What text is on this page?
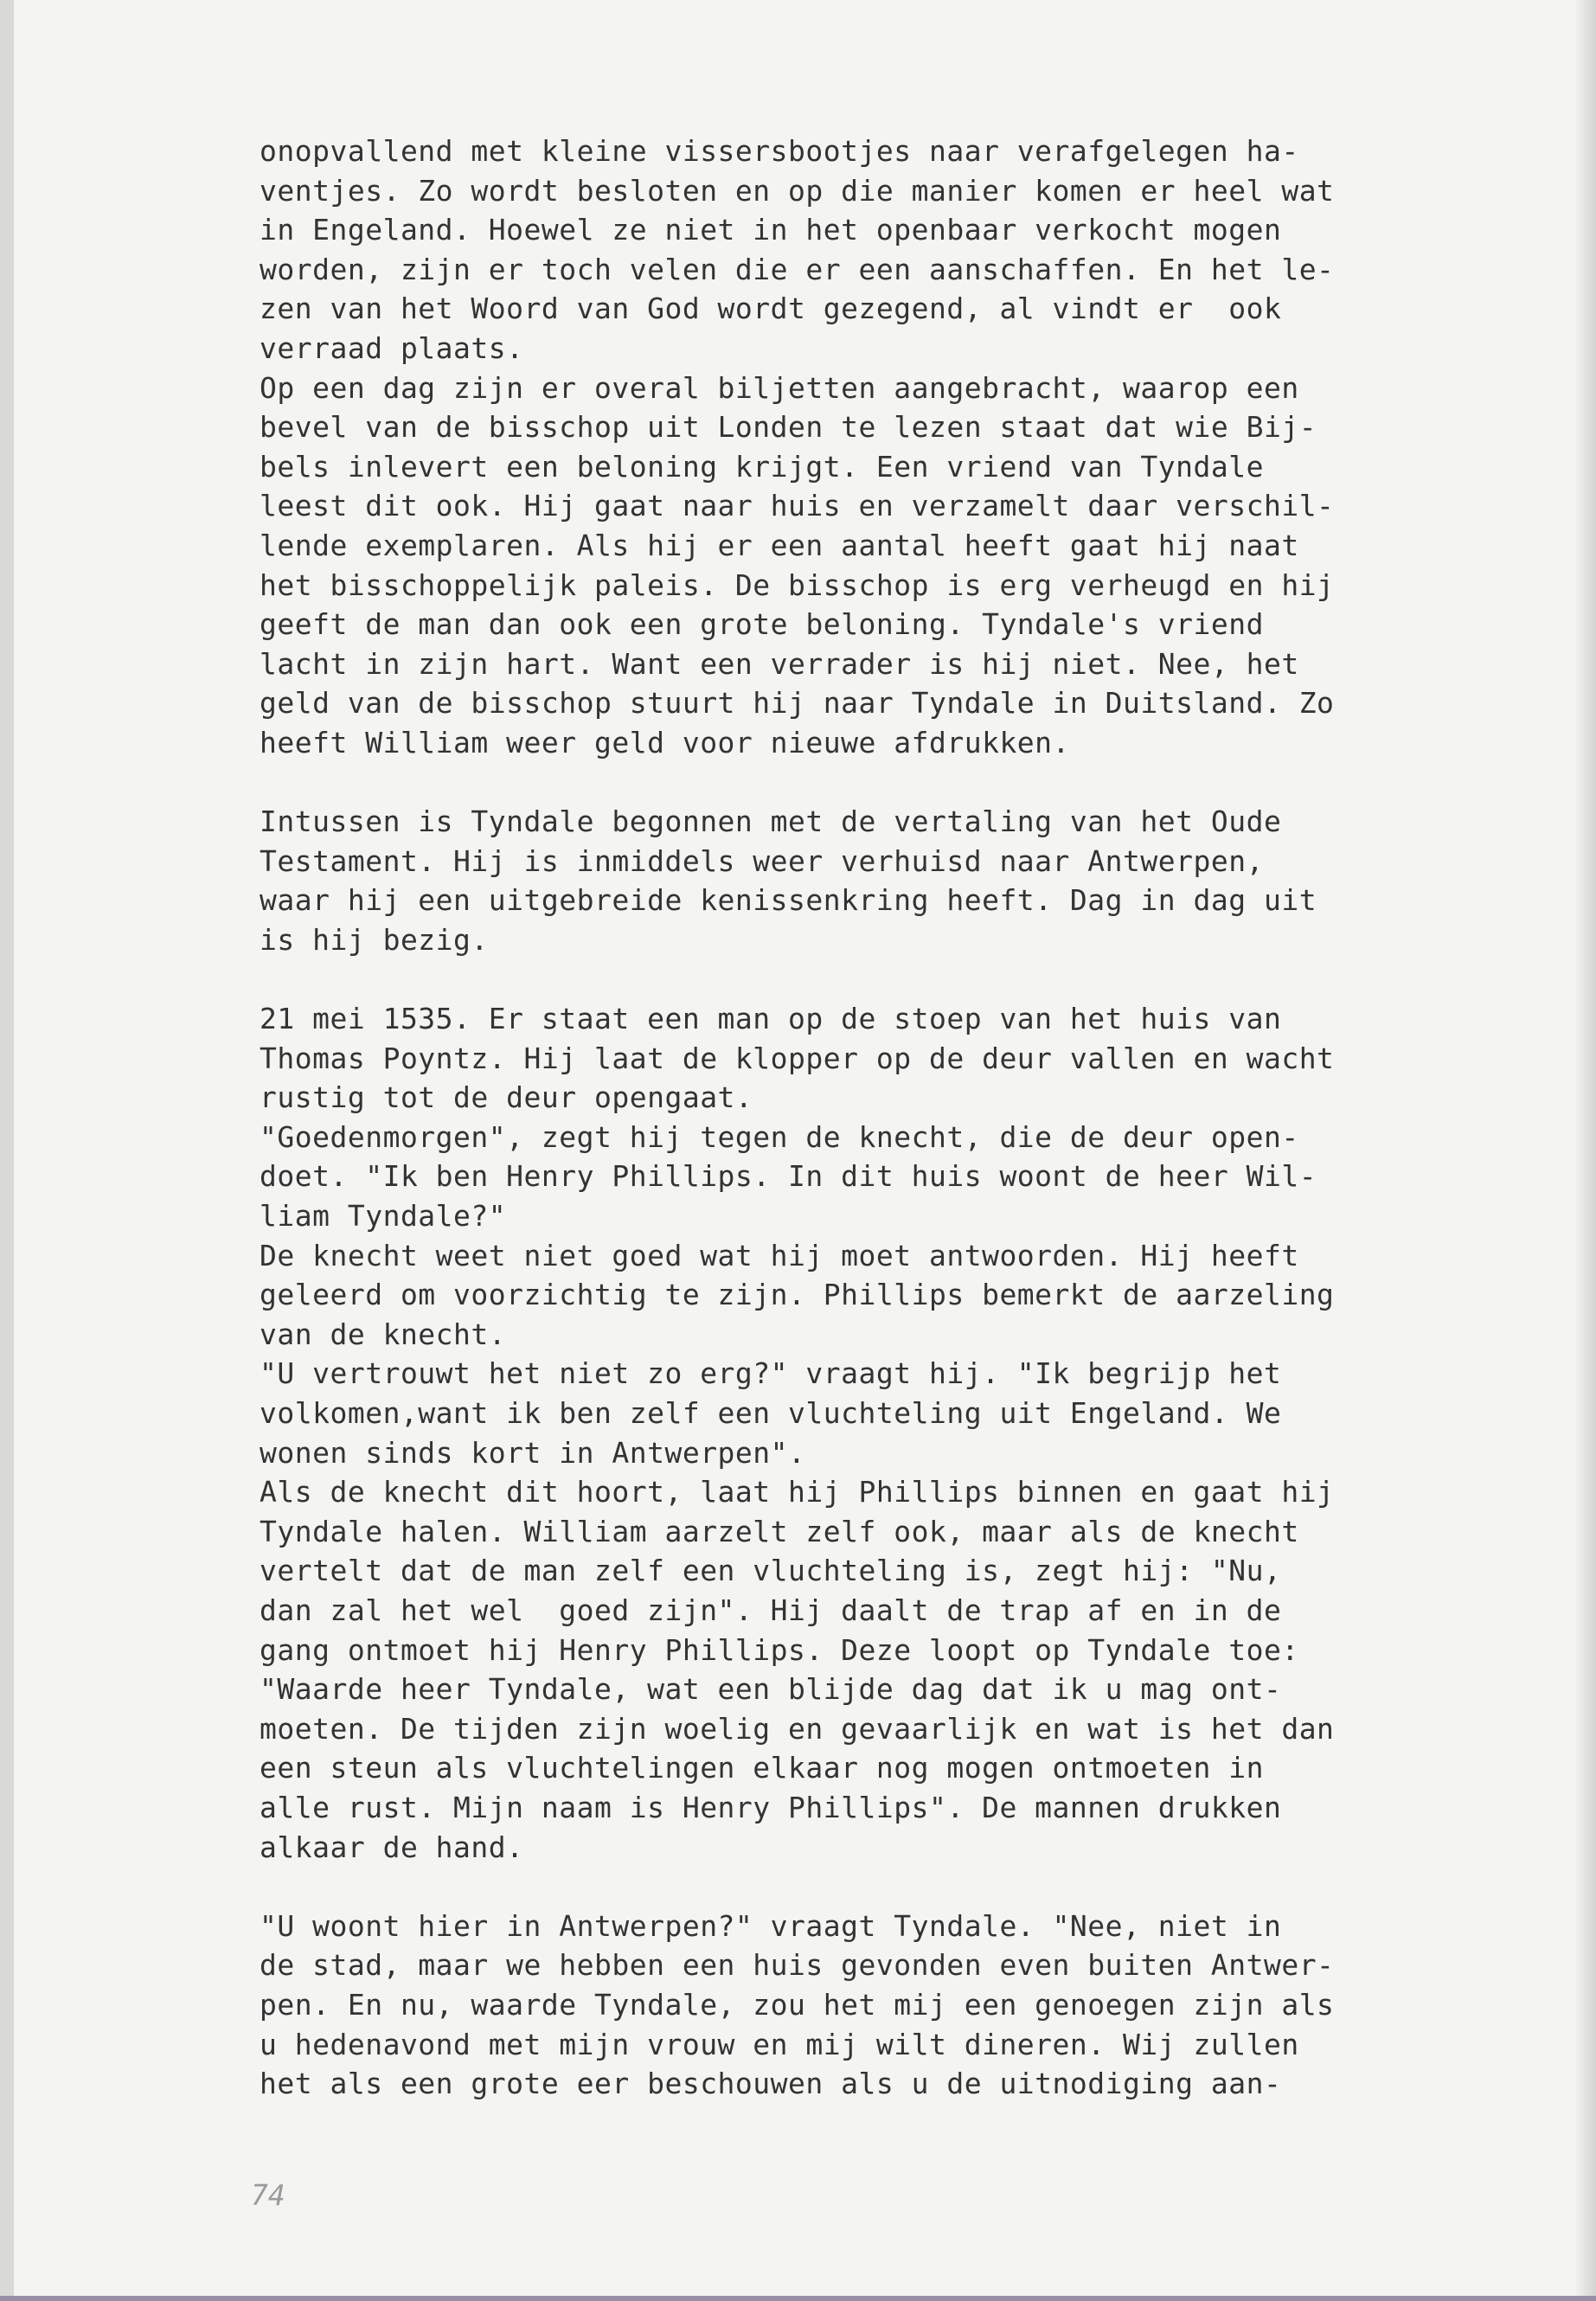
onopvallend met kleine vissersbootjes naar verafgelegen ha-
ventjes. Zo wordt besloten en op die manier komen er heel wat
in Engeland. Hoewel ze niet in het openbaar verkocht mogen
worden, zijn er toch velen die er een aanschaffen. En het le-
zen van het Woord van God wordt gezegend, al vindt er  ook
verraad plaats.
Op een dag zijn er overal biljetten aangebracht, waarop een
bevel van de bisschop uit Londen te lezen staat dat wie Bij-
bels inlevert een beloning krijgt. Een vriend van Tyndale
leest dit ook. Hij gaat naar huis en verzamelt daar verschil-
lende exemplaren. Als hij er een aantal heeft gaat hij naat
het bisschoppelijk paleis. De bisschop is erg verheugd en hij
geeft de man dan ook een grote beloning. Tyndale's vriend
lacht in zijn hart. Want een verrader is hij niet. Nee, het
geld van de bisschop stuurt hij naar Tyndale in Duitsland. Zo
heeft William weer geld voor nieuwe afdrukken.
Intussen is Tyndale begonnen met de vertaling van het Oude
Testament. Hij is inmiddels weer verhuisd naar Antwerpen,
waar hij een uitgebreide kenissenkring heeft. Dag in dag uit
is hij bezig.
21 mei 1535. Er staat een man op de stoep van het huis van
Thomas Poyntz. Hij laat de klopper op de deur vallen en wacht
rustig tot de deur opengaat.
"Goedenmorgen", zegt hij tegen de knecht, die de deur open-
doet. "Ik ben Henry Phillips. In dit huis woont de heer Wil-
liam Tyndale?"
De knecht weet niet goed wat hij moet antwoorden. Hij heeft
geleerd om voorzichtig te zijn. Phillips bemerkt de aarzeling
van de knecht.
"U vertrouwt het niet zo erg?" vraagt hij. "Ik begrijp het
volkomen,want ik ben zelf een vluchteling uit Engeland. We
wonen sinds kort in Antwerpen".
Als de knecht dit hoort, laat hij Phillips binnen en gaat hij
Tyndale halen. William aarzelt zelf ook, maar als de knecht
vertelt dat de man zelf een vluchteling is, zegt hij: "Nu,
dan zal het wel  goed zijn". Hij daalt de trap af en in de
gang ontmoet hij Henry Phillips. Deze loopt op Tyndale toe:
"Waarde heer Tyndale, wat een blijde dag dat ik u mag ont-
moeten. De tijden zijn woelig en gevaarlijk en wat is het dan
een steun als vluchtelingen elkaar nog mogen ontmoeten in
alle rust. Mijn naam is Henry Phillips". De mannen drukken
alkaar de hand.
"U woont hier in Antwerpen?" vraagt Tyndale. "Nee, niet in
de stad, maar we hebben een huis gevonden even buiten Antwer-
pen. En nu, waarde Tyndale, zou het mij een genoegen zijn als
u hedenavond met mijn vrouw en mij wilt dineren. Wij zullen
het als een grote eer beschouwen als u de uitnodiging aan-
74
